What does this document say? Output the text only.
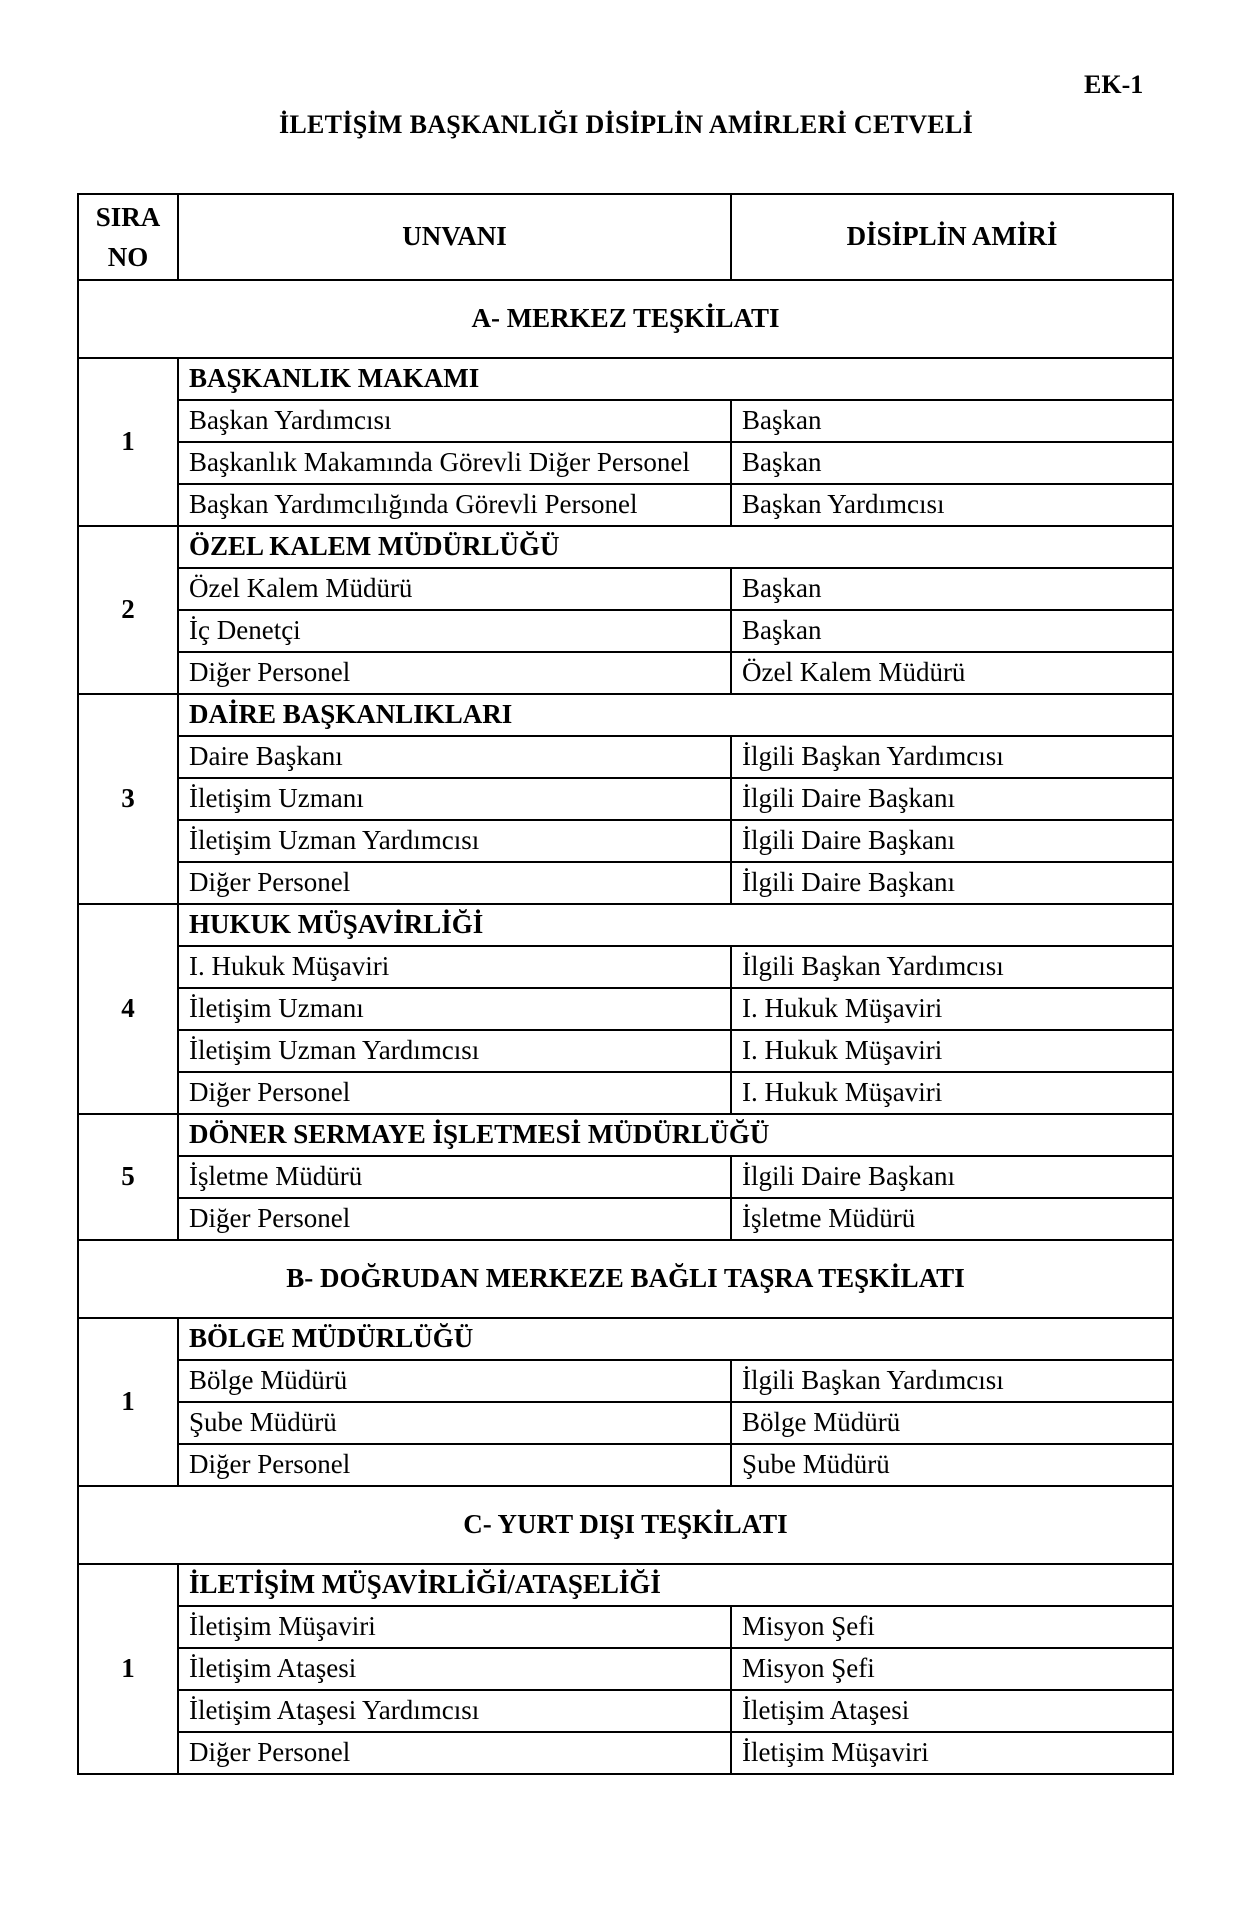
EK-1
İLETİŞİM BAŞKANLIĞI DİSİPLİN AMİRLERİ CETVELİ
SIRA
NO	UNVANI	DİSİPLİN AMİRİ
A- MERKEZ TEŞKİLATI		
1	BAŞKANLIK MAKAMI	
	Başkan Yardımcısı	Başkan
	Başkanlık Makamında Görevli Diğer Personel	Başkan
	Başkan Yardımcılığında Görevli Personel	Başkan Yardımcısı
2	ÖZEL KALEM MÜDÜRLÜĞÜ	
	Özel Kalem Müdürü	Başkan
	İç Denetçi	Başkan
	Diğer Personel	Özel Kalem Müdürü
3	DAİRE BAŞKANLIKLARI	
	Daire Başkanı	İlgili Başkan Yardımcısı
	İletişim Uzmanı	İlgili Daire Başkanı
	İletişim Uzman Yardımcısı	İlgili Daire Başkanı
	Diğer Personel	İlgili Daire Başkanı
4	HUKUK MÜŞAVİRLİĞİ	
	I. Hukuk Müşaviri	İlgili Başkan Yardımcısı
	İletişim Uzmanı	I. Hukuk Müşaviri
	İletişim Uzman Yardımcısı	I. Hukuk Müşaviri
	Diğer Personel	I. Hukuk Müşaviri
5	DÖNER SERMAYE İŞLETMESİ MÜDÜRLÜĞÜ	
	İşletme Müdürü	İlgili Daire Başkanı
	Diğer Personel	İşletme Müdürü
B- DOĞRUDAN MERKEZE BAĞLI TAŞRA TEŞKİLATI		
1	BÖLGE MÜDÜRLÜĞÜ	
	Bölge Müdürü	İlgili Başkan Yardımcısı
	Şube Müdürü	Bölge Müdürü
	Diğer Personel	Şube Müdürü
C- YURT DIŞI TEŞKİLATI		
1	İLETİŞİM MÜŞAVİRLİĞİ/ATAŞELİĞİ	
	İletişim Müşaviri	Misyon Şefi
	İletişim Ataşesi	Misyon Şefi
	İletişim Ataşesi Yardımcısı	İletişim Ataşesi
	Diğer Personel	İletişim Müşaviri
